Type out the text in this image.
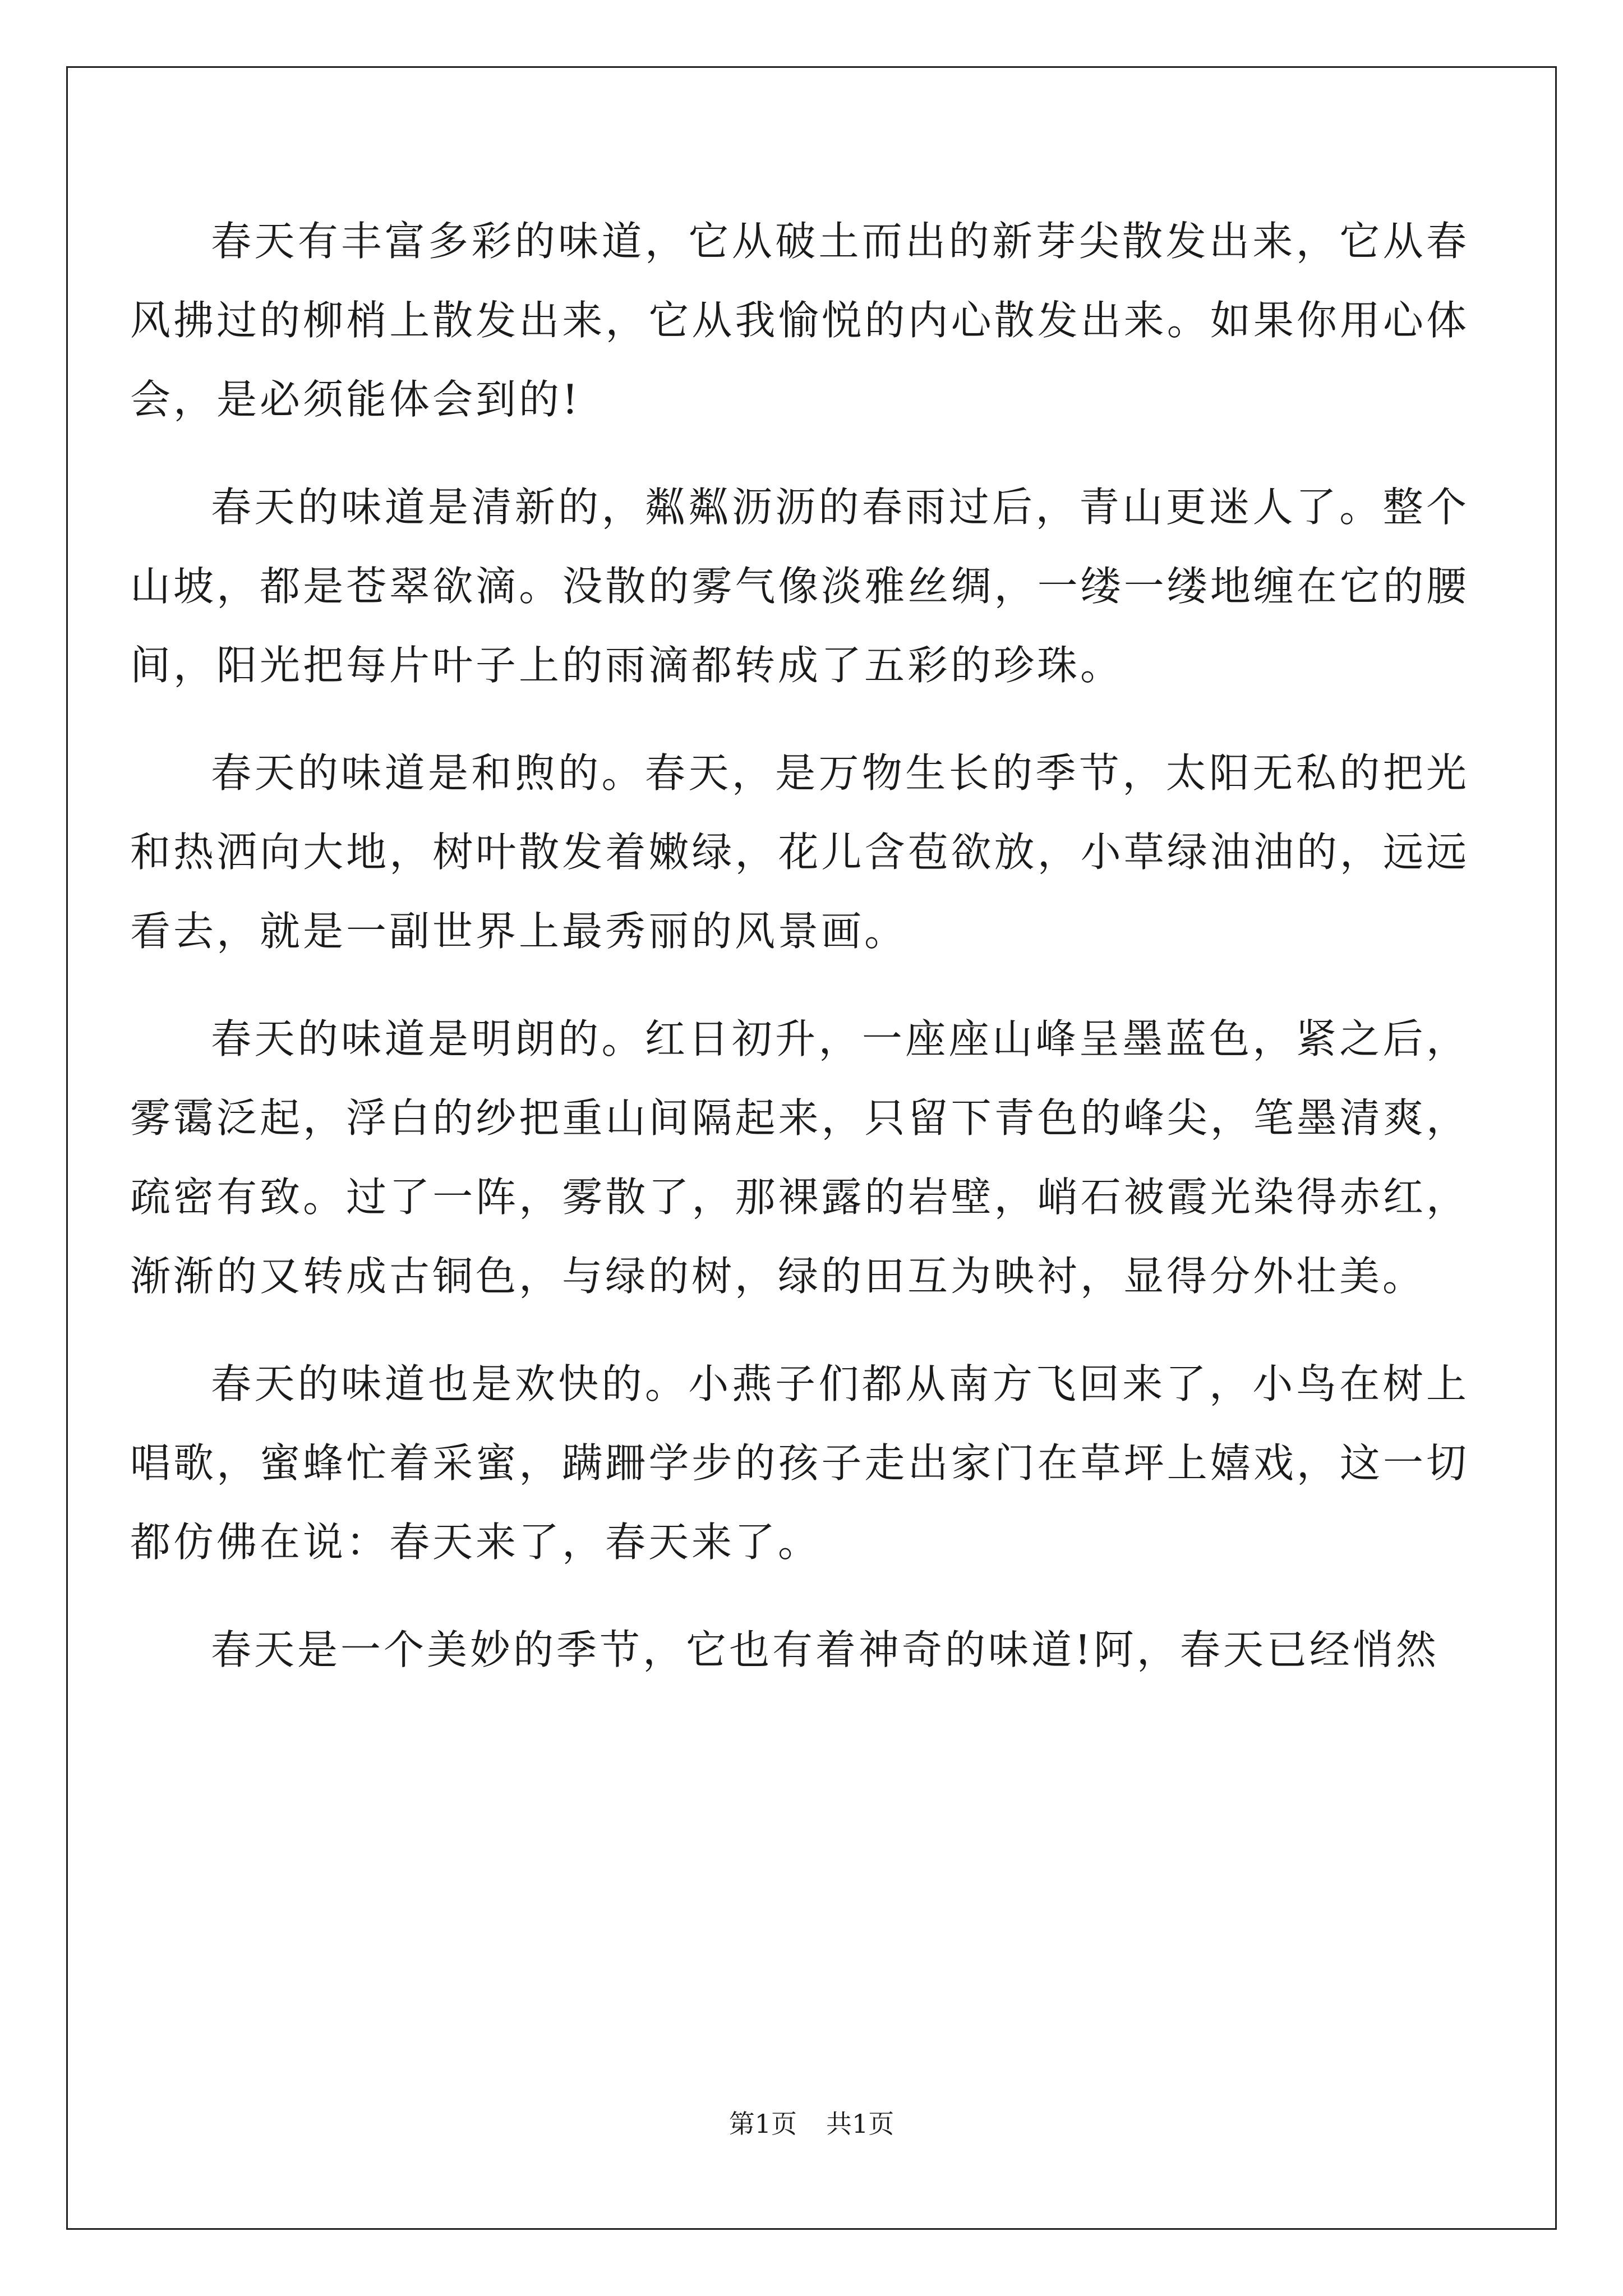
春天有丰富多彩的味道，它从破土而出的新芽尖散发出来，它从春风拂过的柳梢上散发出来，它从我愉悦的内心散发出来。如果你用心体会，是必须能体会到的!

春天的味道是清新的，粼粼沥沥的春雨过后，青山更迷人了。整个山坡，都是苍翠欲滴。没散的雾气像淡雅丝绸，一缕一缕地缠在它的腰间，阳光把每片叶子上的雨滴都转成了五彩的珍珠。

春天的味道是和煦的。春天，是万物生长的季节，太阳无私的把光和热洒向大地，树叶散发着嫩绿，花儿含苞欲放，小草绿油油的，远远看去，就是一副世界上最秀丽的风景画。

春天的味道是明朗的。红日初升，一座座山峰呈墨蓝色，紧之后，雾霭泛起，浮白的纱把重山间隔起来，只留下青色的峰尖，笔墨清爽，疏密有致。过了一阵，雾散了，那裸露的岩壁，峭石被霞光染得赤红，渐渐的又转成古铜色，与绿的树，绿的田互为映衬，显得分外壮美。

春天的味道也是欢快的。小燕子们都从南方飞回来了，小鸟在树上唱歌，蜜蜂忙着采蜜，蹒跚学步的孩子走出家门在草坪上嬉戏，这一切都仿佛在说：春天来了，春天来了。

春天是一个美妙的季节，它也有着神奇的味道!阿，春天已经悄然

第1页 共1页
